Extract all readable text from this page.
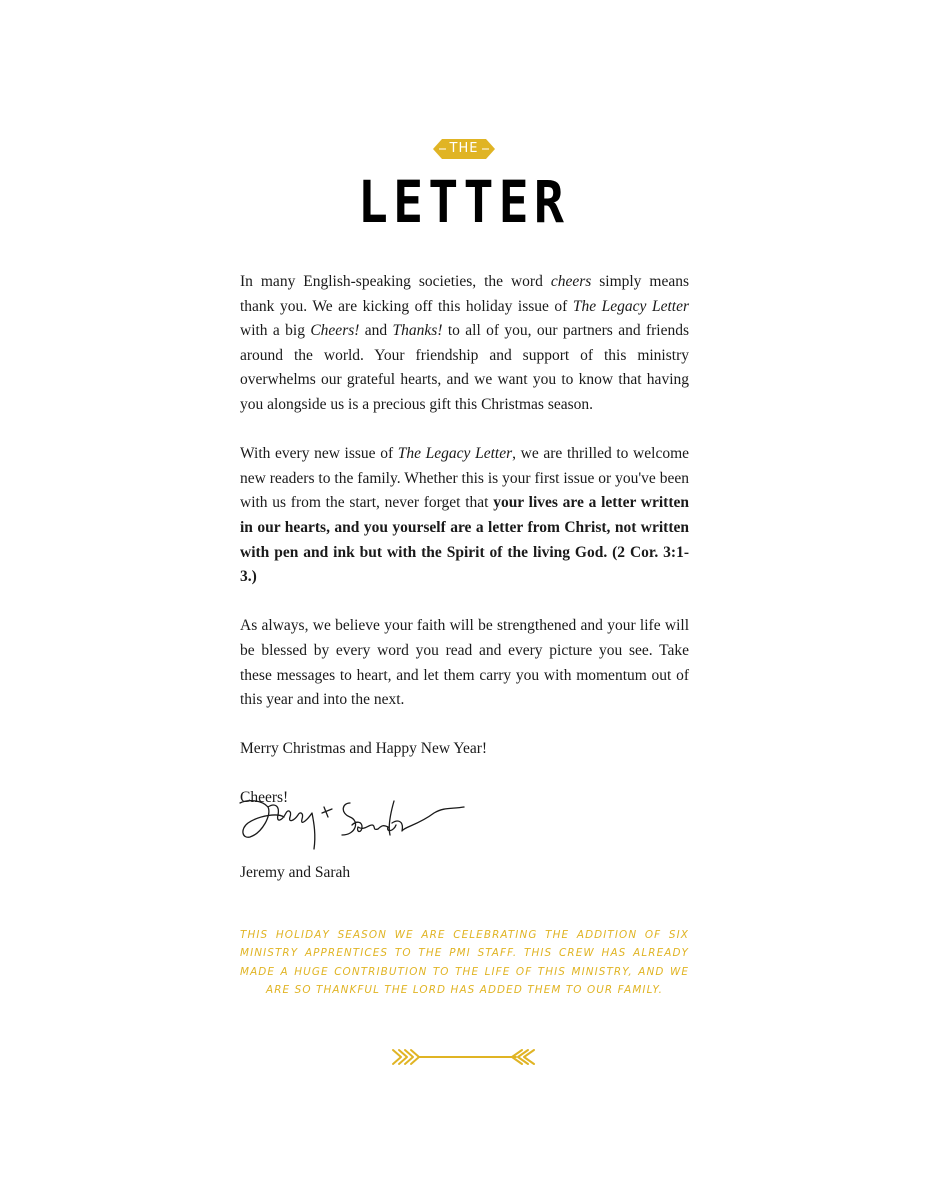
THE
LETTER

In many English-speaking societies, the word cheers simply means thank you. We are kicking off this holiday issue of The Legacy Letter with a big Cheers! and Thanks! to all of you, our partners and friends around the world. Your friendship and support of this ministry overwhelms our grateful hearts, and we want you to know that having you alongside us is a precious gift this Christmas season.

With every new issue of The Legacy Letter, we are thrilled to welcome new readers to the family. Whether this is your first issue or you've been with us from the start, never forget that your lives are a letter written in our hearts, and you yourself are a letter from Christ, not written with pen and ink but with the Spirit of the living God. (2 Cor. 3:1-3.)

As always, we believe your faith will be strengthened and your life will be blessed by every word you read and every picture you see. Take these messages to heart, and let them carry you with momentum out of this year and into the next.

Merry Christmas and Happy New Year!

Cheers!

Jeremy and Sarah
THIS HOLIDAY SEASON WE ARE CELEBRATING THE ADDITION OF SIX MINISTRY APPRENTICES TO THE PMI STAFF. THIS CREW HAS ALREADY MADE A HUGE CONTRIBUTION TO THE LIFE OF THIS MINISTRY, AND WE ARE SO THANKFUL THE LORD HAS ADDED THEM TO OUR FAMILY.
